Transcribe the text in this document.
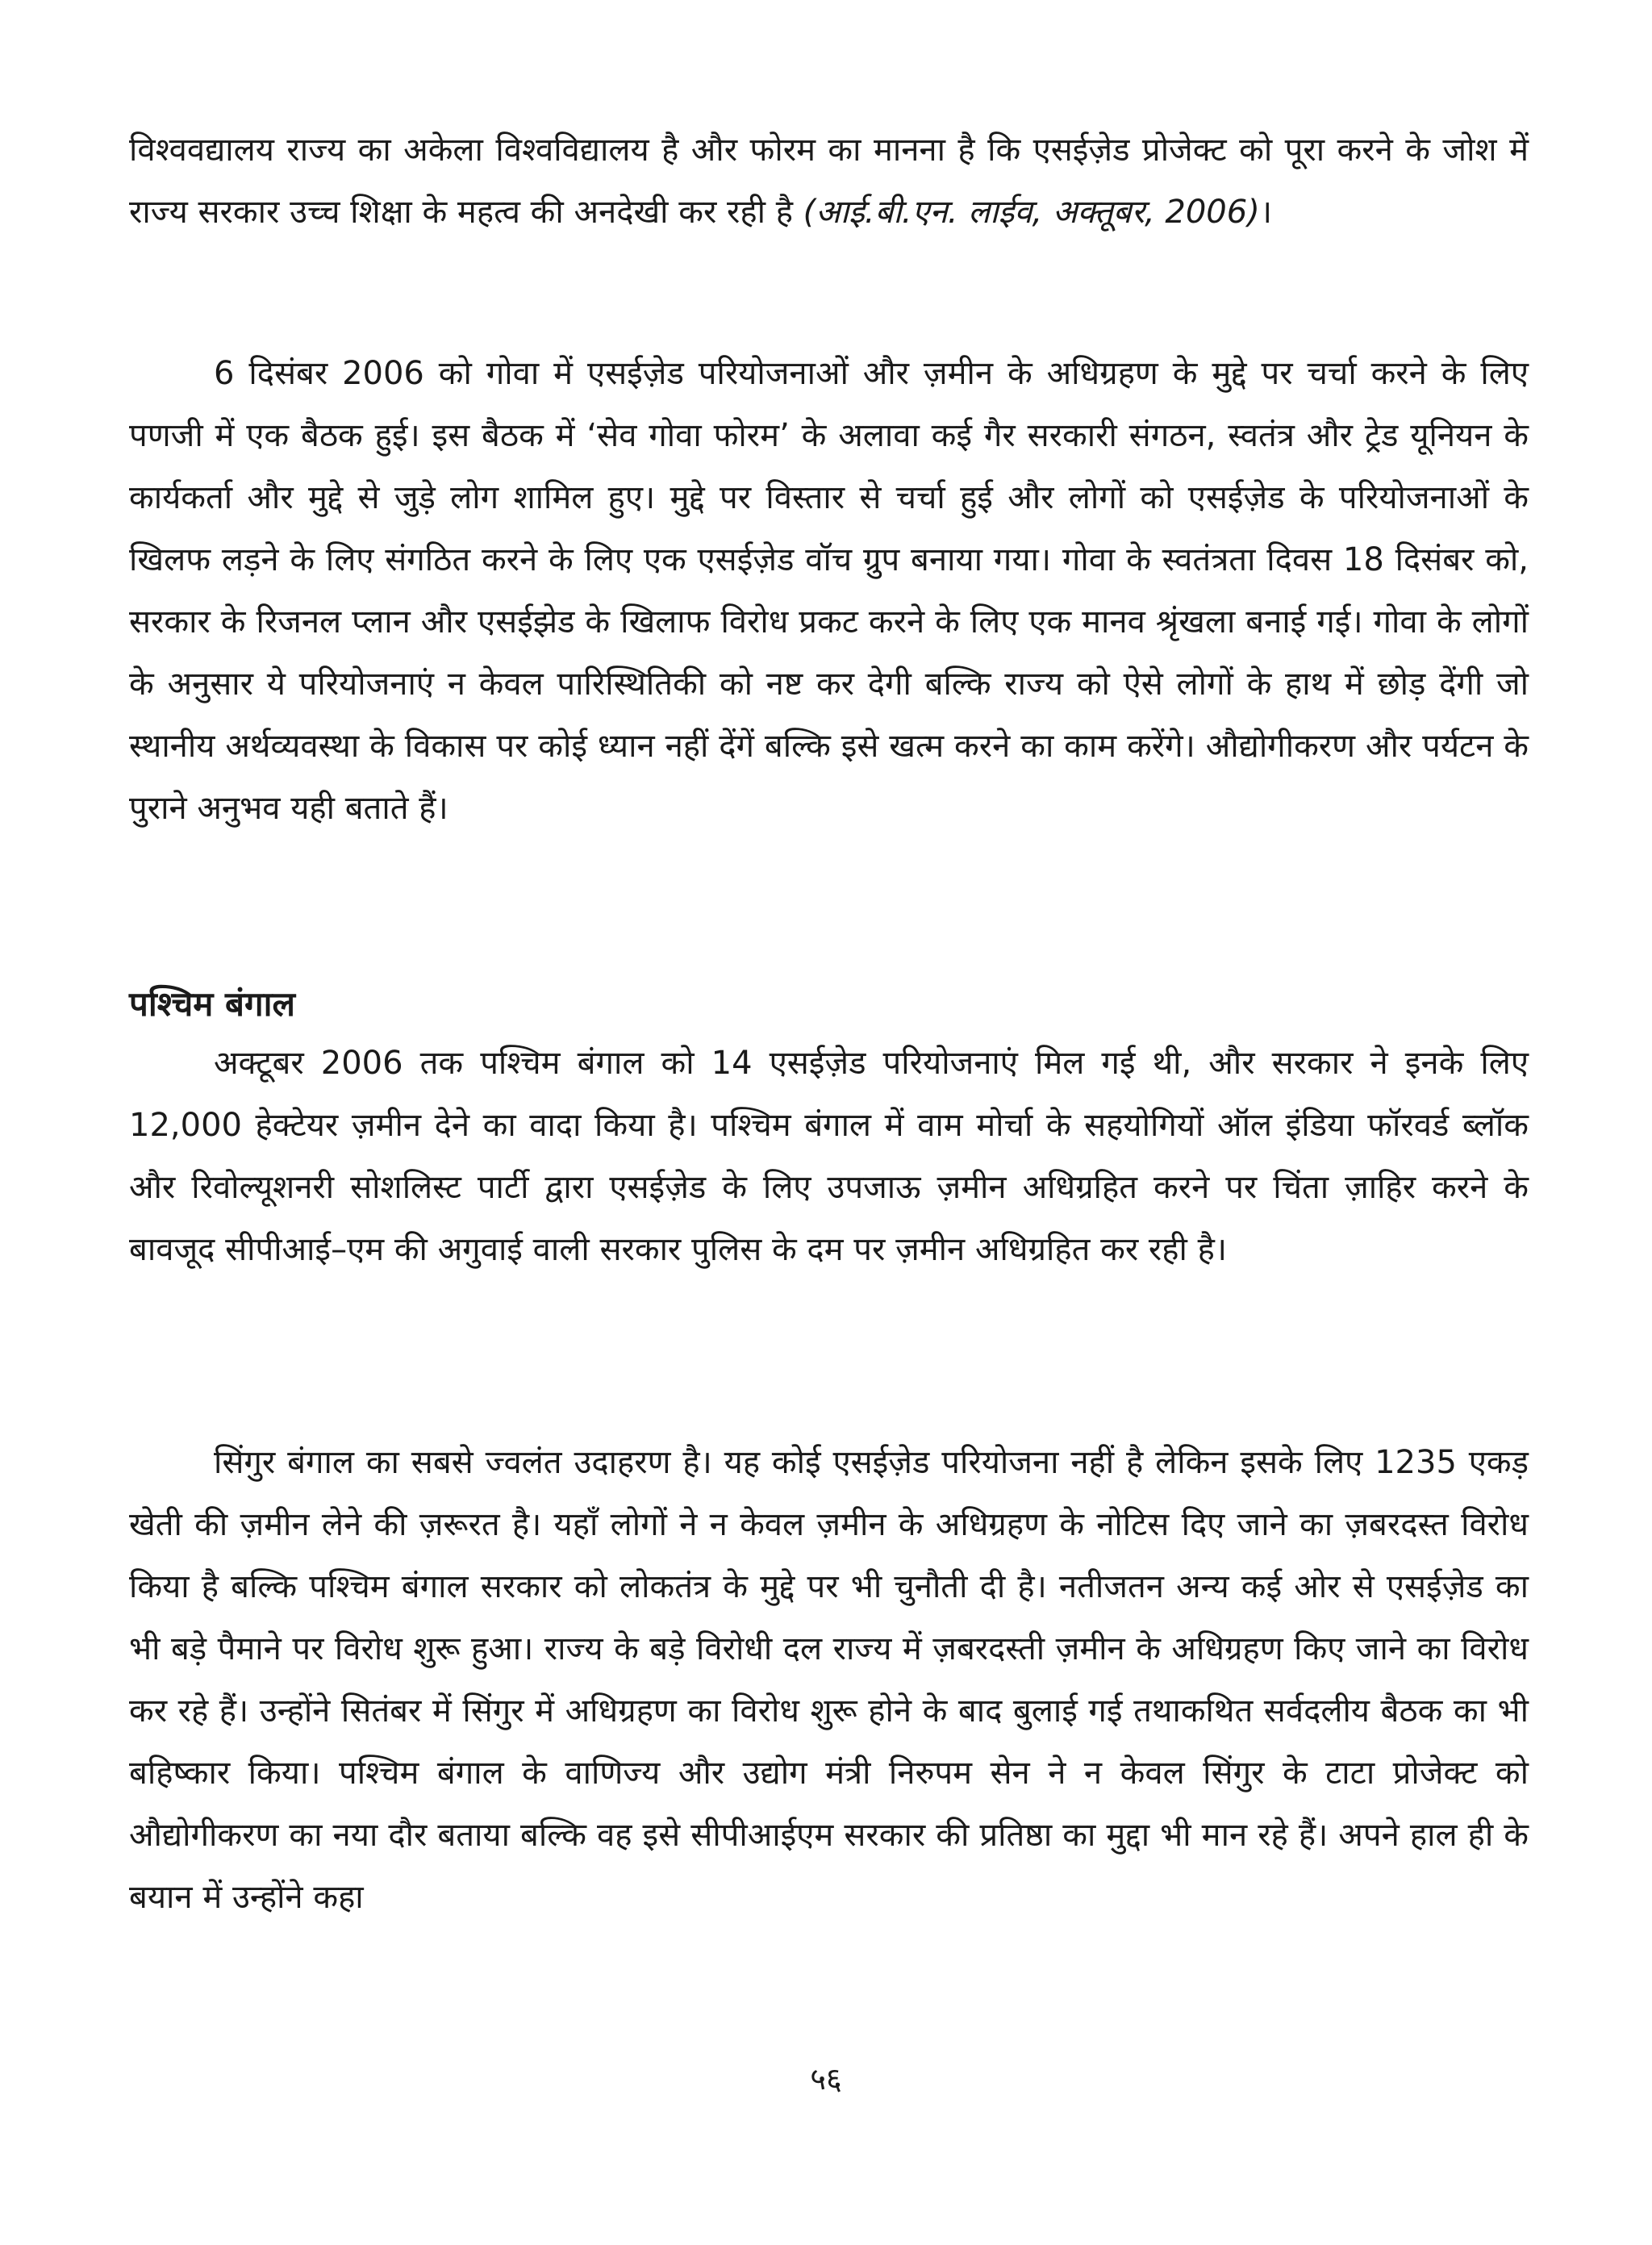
विश्ववद्यालय राज्य का अकेला विश्वविद्यालय है और फोरम का मानना है कि एसईज़ेड प्रोजेक्ट को पूरा करने के जोश में राज्य सरकार उच्च शिक्षा के महत्व की अनदेखी कर रही है (आई.बी.एन. लाईव, अक्तूबर, 2006)।

6 दिसंबर 2006 को गोवा में एसईज़ेड परियोजनाओं और ज़मीन के अधिग्रहण के मुद्दे पर चर्चा करने के लिए पणजी में एक बैठक हुई। इस बैठक में ‘सेव गोवा फोरम’ के अलावा कई गैर सरकारी संगठन, स्वतंत्र और ट्रेड यूनियन के कार्यकर्ता और मुद्दे से जुड़े लोग शामिल हुए। मुद्दे पर विस्तार से चर्चा हुई और लोगों को एसईज़ेड के परियोजनाओं के खिलफ लड़ने के लिए संगठित करने के लिए एक एसईज़ेड वॉच ग्रुप बनाया गया। गोवा के स्वतंत्रता दिवस 18 दिसंबर को, सरकार के रिजनल प्लान और एसईझेड के खिलाफ विरोध प्रकट करने के लिए एक मानव श्रृंखला बनाई गई। गोवा के लोगों के अनुसार ये परियोजनाएं न केवल पारिस्थितिकी को नष्ट कर देगी बल्कि राज्य को ऐसे लोगों के हाथ में छोड़ देंगी जो स्थानीय अर्थव्यवस्था के विकास पर कोई ध्यान नहीं देंगें बल्कि इसे खत्म करने का काम करेंगे। औद्योगीकरण और पर्यटन के पुराने अनुभव यही बताते हैं।

पश्चिम बंगाल

अक्टूबर 2006 तक पश्चिम बंगाल को 14 एसईज़ेड परियोजनाएं मिल गई थी, और सरकार ने इनके लिए 12,000 हेक्टेयर ज़मीन देने का वादा किया है। पश्चिम बंगाल में वाम मोर्चा के सहयोगियों ऑल इंडिया फॉरवर्ड ब्लॉक और रिवोल्यूशनरी सोशलिस्ट पार्टी द्वारा एसईज़ेड के लिए उपजाऊ ज़मीन अधिग्रहित करने पर चिंता ज़ाहिर करने के बावजूद सीपीआई–एम की अगुवाई वाली सरकार पुलिस के दम पर ज़मीन अधिग्रहित कर रही है।

सिंगुर बंगाल का सबसे ज्वलंत उदाहरण है। यह कोई एसईज़ेड परियोजना नहीं है लेकिन इसके लिए 1235 एकड़ खेती की ज़मीन लेने की ज़रूरत है। यहाँ लोगों ने न केवल ज़मीन के अधिग्रहण के नोटिस दिए जाने का ज़बरदस्त विरोध किया है बल्कि पश्चिम बंगाल सरकार को लोकतंत्र के मुद्दे पर भी चुनौती दी है। नतीजतन अन्य कई ओर से एसईज़ेड का भी बड़े पैमाने पर विरोध शुरू हुआ। राज्य के बड़े विरोधी दल राज्य में ज़बरदस्ती ज़मीन के अधिग्रहण किए जाने का विरोध कर रहे हैं। उन्होंने सितंबर में सिंगुर में अधिग्रहण का विरोध शुरू होने के बाद बुलाई गई तथाकथित सर्वदलीय बैठक का भी बहिष्कार किया। पश्चिम बंगाल के वाणिज्य और उद्योग मंत्री निरुपम सेन ने न केवल सिंगुर के टाटा प्रोजेक्ट को औद्योगीकरण का नया दौर बताया बल्कि वह इसे सीपीआईएम सरकार की प्रतिष्ठा का मुद्दा भी मान रहे हैं। अपने हाल ही के बयान में उन्होंने कहा

५६
